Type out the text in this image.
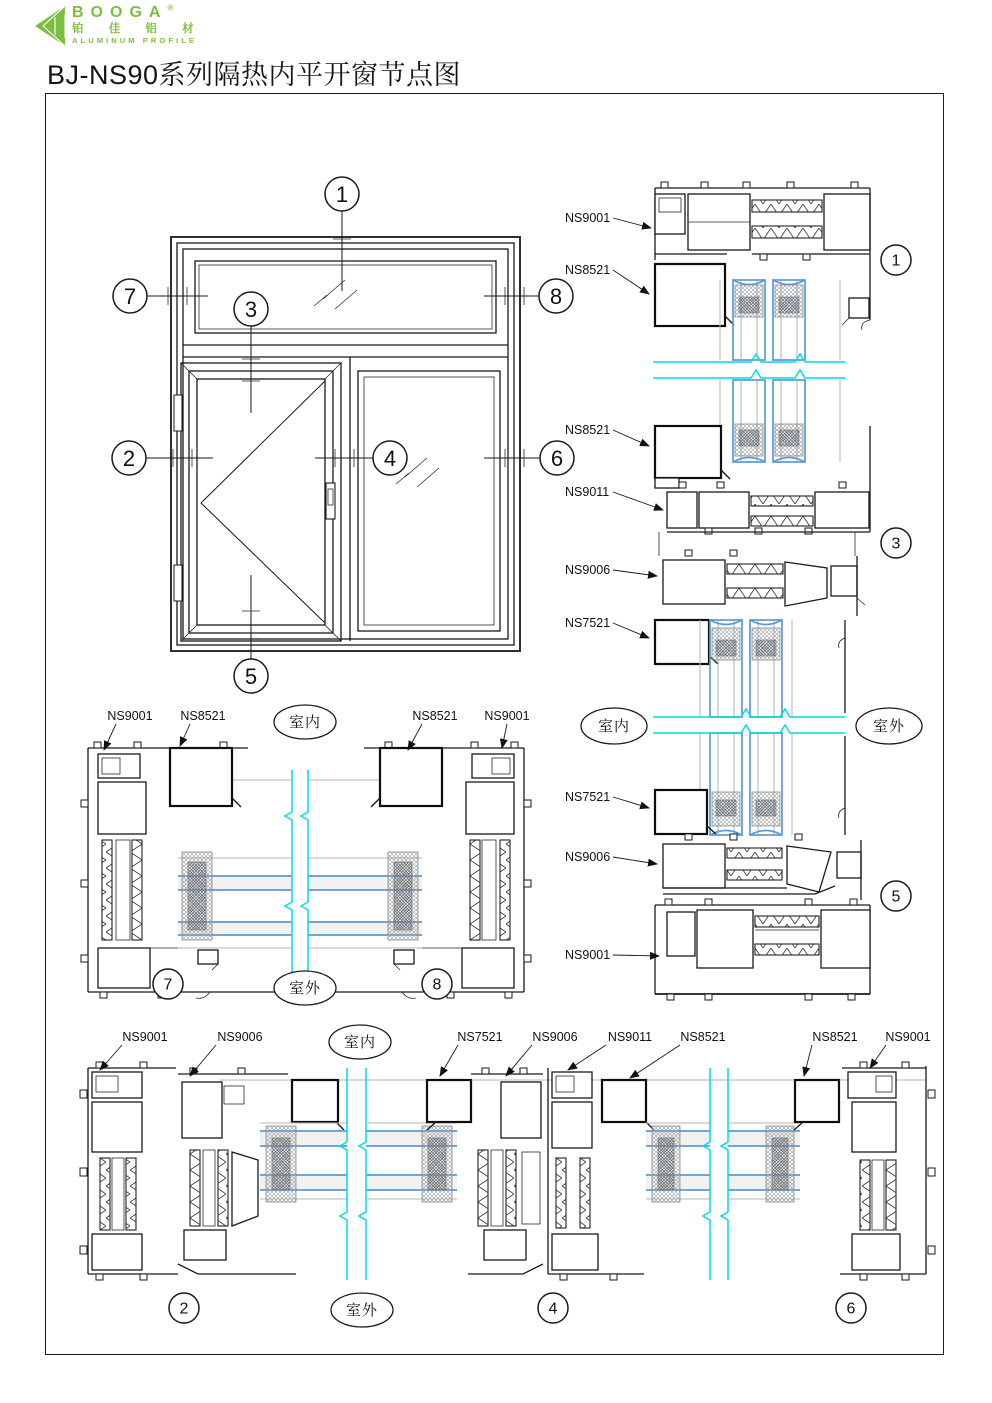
BOOGA®
铂 佳 铝 材
ALUMINUM PROFILE
BJ-NS90系列隔热内平开窗节点图
1
7	8
3
2	4	6
5
1
3
室内	室外
5
NS9001
NS8521
NS8521
NS9011
NS9006
NS7521
NS7521
NS9006
NS9001
NS9001 NS8521	NS8521 NS9001
室内
7	室外	8
NS9001	NS9006	NS7521 NS9006 NS9011 NS8521	NS8521 NS9001
室内
2	室外	4	6
